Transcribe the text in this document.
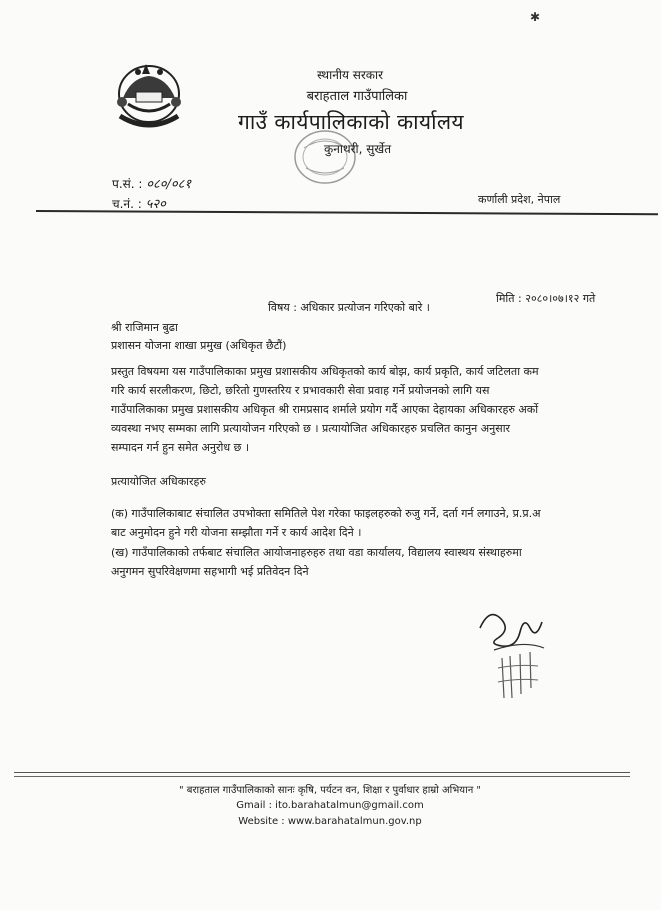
✱
स्थानीय सरकार
बराहताल गाउँपालिका
गाउँ कार्यपालिकाको कार्यालय
कुनाथरी, सुर्खेत
प.सं. : ०८०/०८१
च.नं. : ५२०	कर्णाली प्रदेश, नेपाल
मिति : २०८०।०७।१२ गते
विषय : अधिकार प्रत्योजन गरिएको बारे ।
श्री राजिमान बुढा
प्रशासन योजना शाखा प्रमुख (अधिकृत छैटौं)
प्रस्तुत विषयमा यस गाउँपालिकाका प्रमुख प्रशासकीय अधिकृतको कार्य बोझ, कार्य प्रकृति, कार्य जटिलता कम
गरि कार्य सरलीकरण, छिटो, छरितो गुणस्तरिय र प्रभावकारी सेवा प्रवाह गर्ने प्रयोजनको लागि यस
गाउँपालिकाका प्रमुख प्रशासकीय अधिकृत श्री रामप्रसाद शर्माले प्रयोग गर्दै आएका देहायका अधिकारहरु अर्को
व्यवस्था नभए सम्मका लागि प्रत्यायोजन गरिएको छ । प्रत्यायोजित अधिकारहरु प्रचलित कानुन अनुसार
सम्पादन गर्न हुन समेत अनुरोध छ ।
प्रत्यायोजित अधिकारहरु
(क) गाउँपालिकाबाट संचालित उपभोक्ता समितिले पेश गरेका फाइलहरुको रुजु गर्ने, दर्ता गर्न लगाउने, प्र.प्र.अ
बाट अनुमोदन हुने गरी योजना सम्झौता गर्ने र कार्य आदेश दिने ।
(ख) गाउँपालिकाको तर्फबाट संचालित आयोजनाहरुहरु तथा वडा कार्यालय, विद्यालय स्वास्थय संस्थाहरुमा
अनुगमन सुपरिवेक्षणमा सहभागी भई प्रतिवेदन दिने
" बराहताल गाउँपालिकाको सानः कृषि, पर्यटन वन, शिक्षा र पुर्वाधार हाम्रो अभियान "
Gmail : ito.barahatalmun@gmail.com
Website : www.barahatalmun.gov.np
